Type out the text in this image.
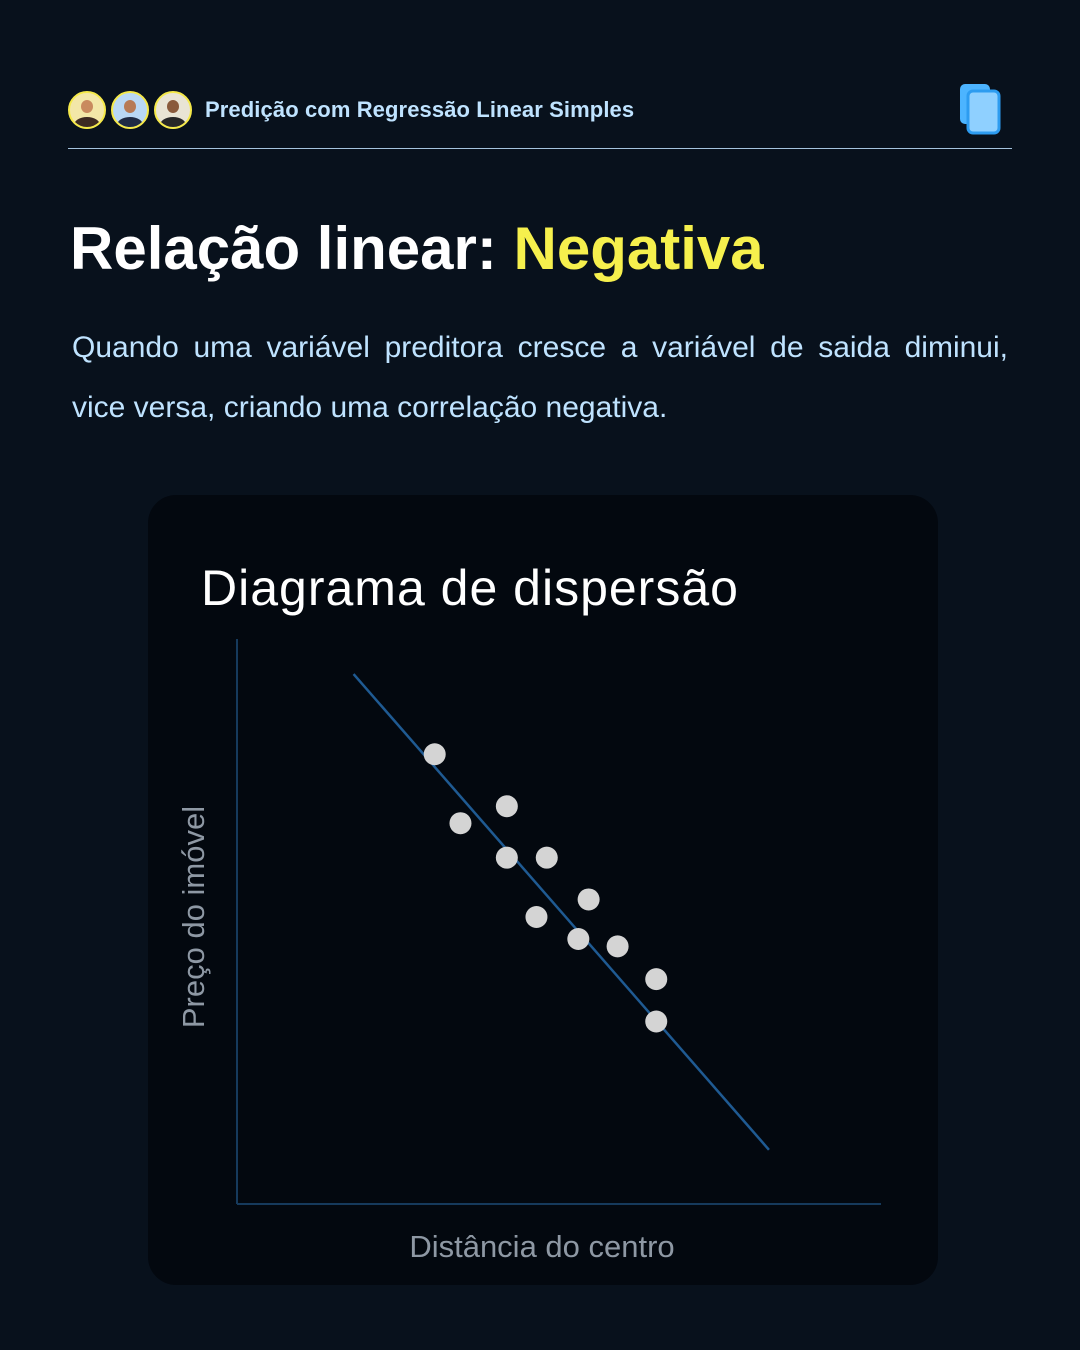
Predição com Regressão Linear Simples
Relação linear: Negativa

Quando uma variável preditora cresce a variável de saida diminui, vice versa, criando uma correlação negativa.

Diagrama de dispersão
Distância do centro
Preço do imóvel
